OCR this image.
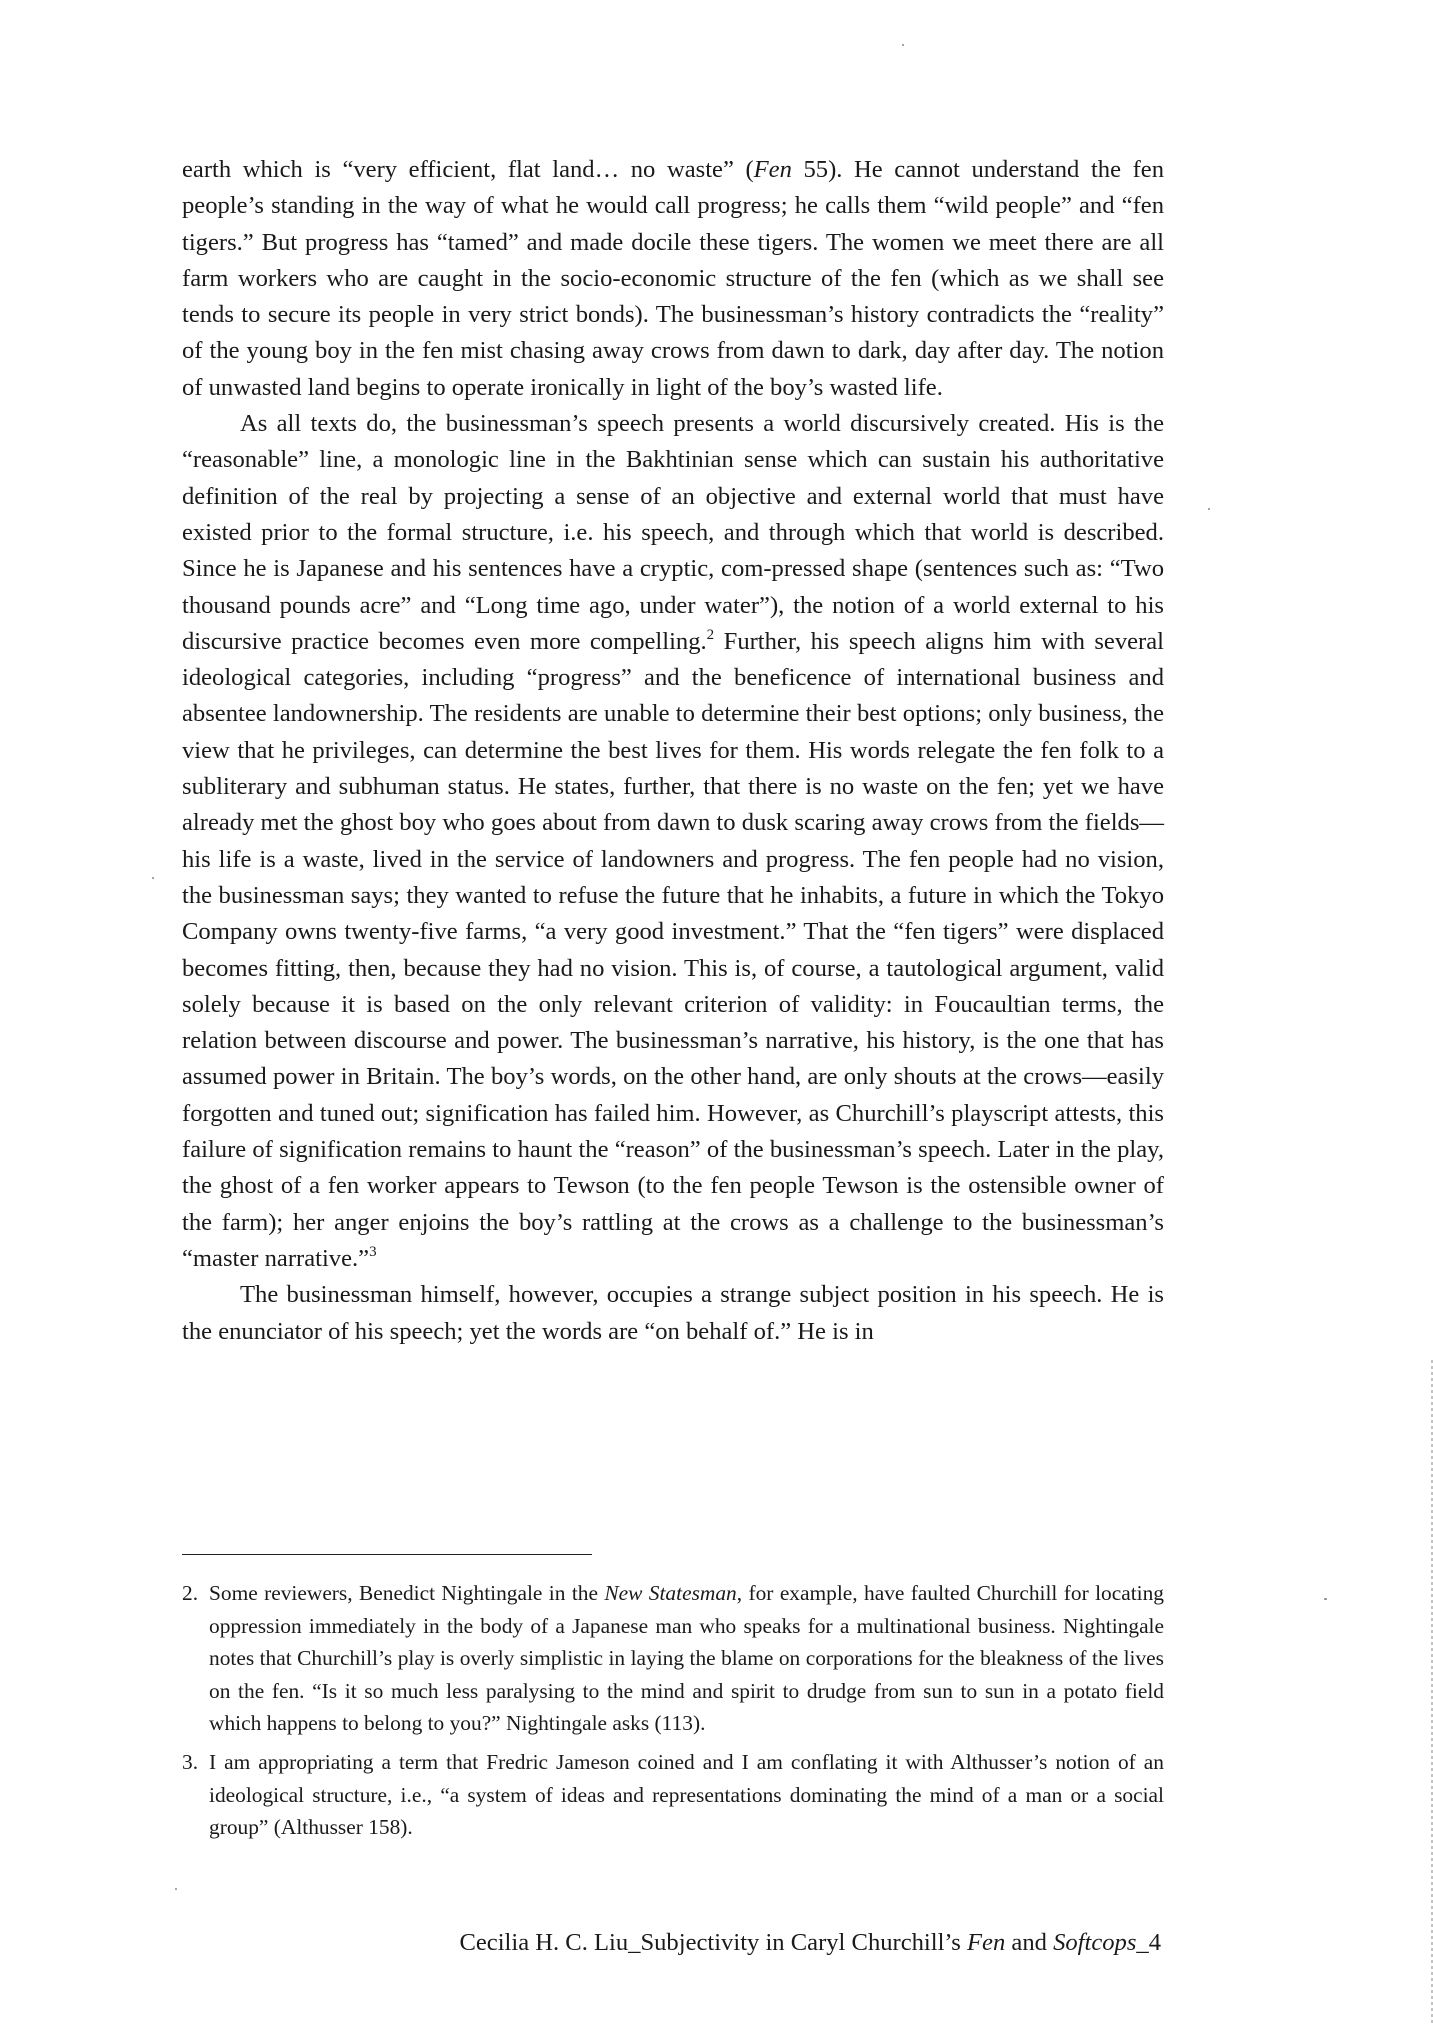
earth which is “very efficient, flat land… no waste” (Fen 55). He cannot understand the fen people’s standing in the way of what he would call progress; he calls them “wild people” and “fen tigers.” But progress has “tamed” and made docile these tigers. The women we meet there are all farm workers who are caught in the socio-economic structure of the fen (which as we shall see tends to secure its people in very strict bonds). The businessman’s history contradicts the “reality” of the young boy in the fen mist chasing away crows from dawn to dark, day after day. The notion of unwasted land begins to operate ironically in light of the boy’s wasted life.

As all texts do, the businessman’s speech presents a world discursively created. His is the “reasonable” line, a monologic line in the Bakhtinian sense which can sustain his authoritative definition of the real by projecting a sense of an objective and external world that must have existed prior to the formal structure, i.e. his speech, and through which that world is described. Since he is Japanese and his sentences have a cryptic, com-pressed shape (sentences such as: “Two thousand pounds acre” and “Long time ago, under water”), the notion of a world external to his discursive practice becomes even more compelling.$^2$ Further, his speech aligns him with several ideological categories, including “progress” and the beneficence of international business and absentee landownership. The residents are unable to determine their best options; only business, the view that he privileges, can determine the best lives for them. His words relegate the fen folk to a subliterary and subhuman status. He states, further, that there is no waste on the fen; yet we have already met the ghost boy who goes about from dawn to dusk scaring away crows from the fields—his life is a waste, lived in the service of landowners and progress. The fen people had no vision, the businessman says; they wanted to refuse the future that he inhabits, a future in which the Tokyo Company owns twenty-five farms, “a very good investment.” That the “fen tigers” were displaced becomes fitting, then, because they had no vision. This is, of course, a tautological argument, valid solely because it is based on the only relevant criterion of validity: in Foucaultian terms, the relation between discourse and power. The businessman’s narrative, his history, is the one that has assumed power in Britain. The boy’s words, on the other hand, are only shouts at the crows—easily forgotten and tuned out; signification has failed him. However, as Churchill’s playscript attests, this failure of signification remains to haunt the “reason” of the businessman’s speech. Later in the play, the ghost of a fen worker appears to Tewson (to the fen people Tewson is the ostensible owner of the farm); her anger enjoins the boy’s rattling at the crows as a challenge to the businessman’s “master narrative.”$^3$

The businessman himself, however, occupies a strange subject position in his speech. He is the enunciator of his speech; yet the words are “on behalf of.” He is in

2. Some reviewers, Benedict Nightingale in the New Statesman, for example, have faulted Churchill for locating oppression immediately in the body of a Japanese man who speaks for a multinational business. Nightingale notes that Churchill’s play is overly simplistic in laying the blame on corporations for the bleakness of the lives on the fen. “Is it so much less paralysing to the mind and spirit to drudge from sun to sun in a potato field which happens to belong to you?” Nightingale asks (113).
3. I am appropriating a term that Fredric Jameson coined and I am conflating it with Althusser’s notion of an ideological structure, i.e., “a system of ideas and representations dominating the mind of a man or a social group” (Althusser 158).
Cecilia H. C. Liu_Subjectivity in Caryl Churchill’s Fen and Softcops_4
